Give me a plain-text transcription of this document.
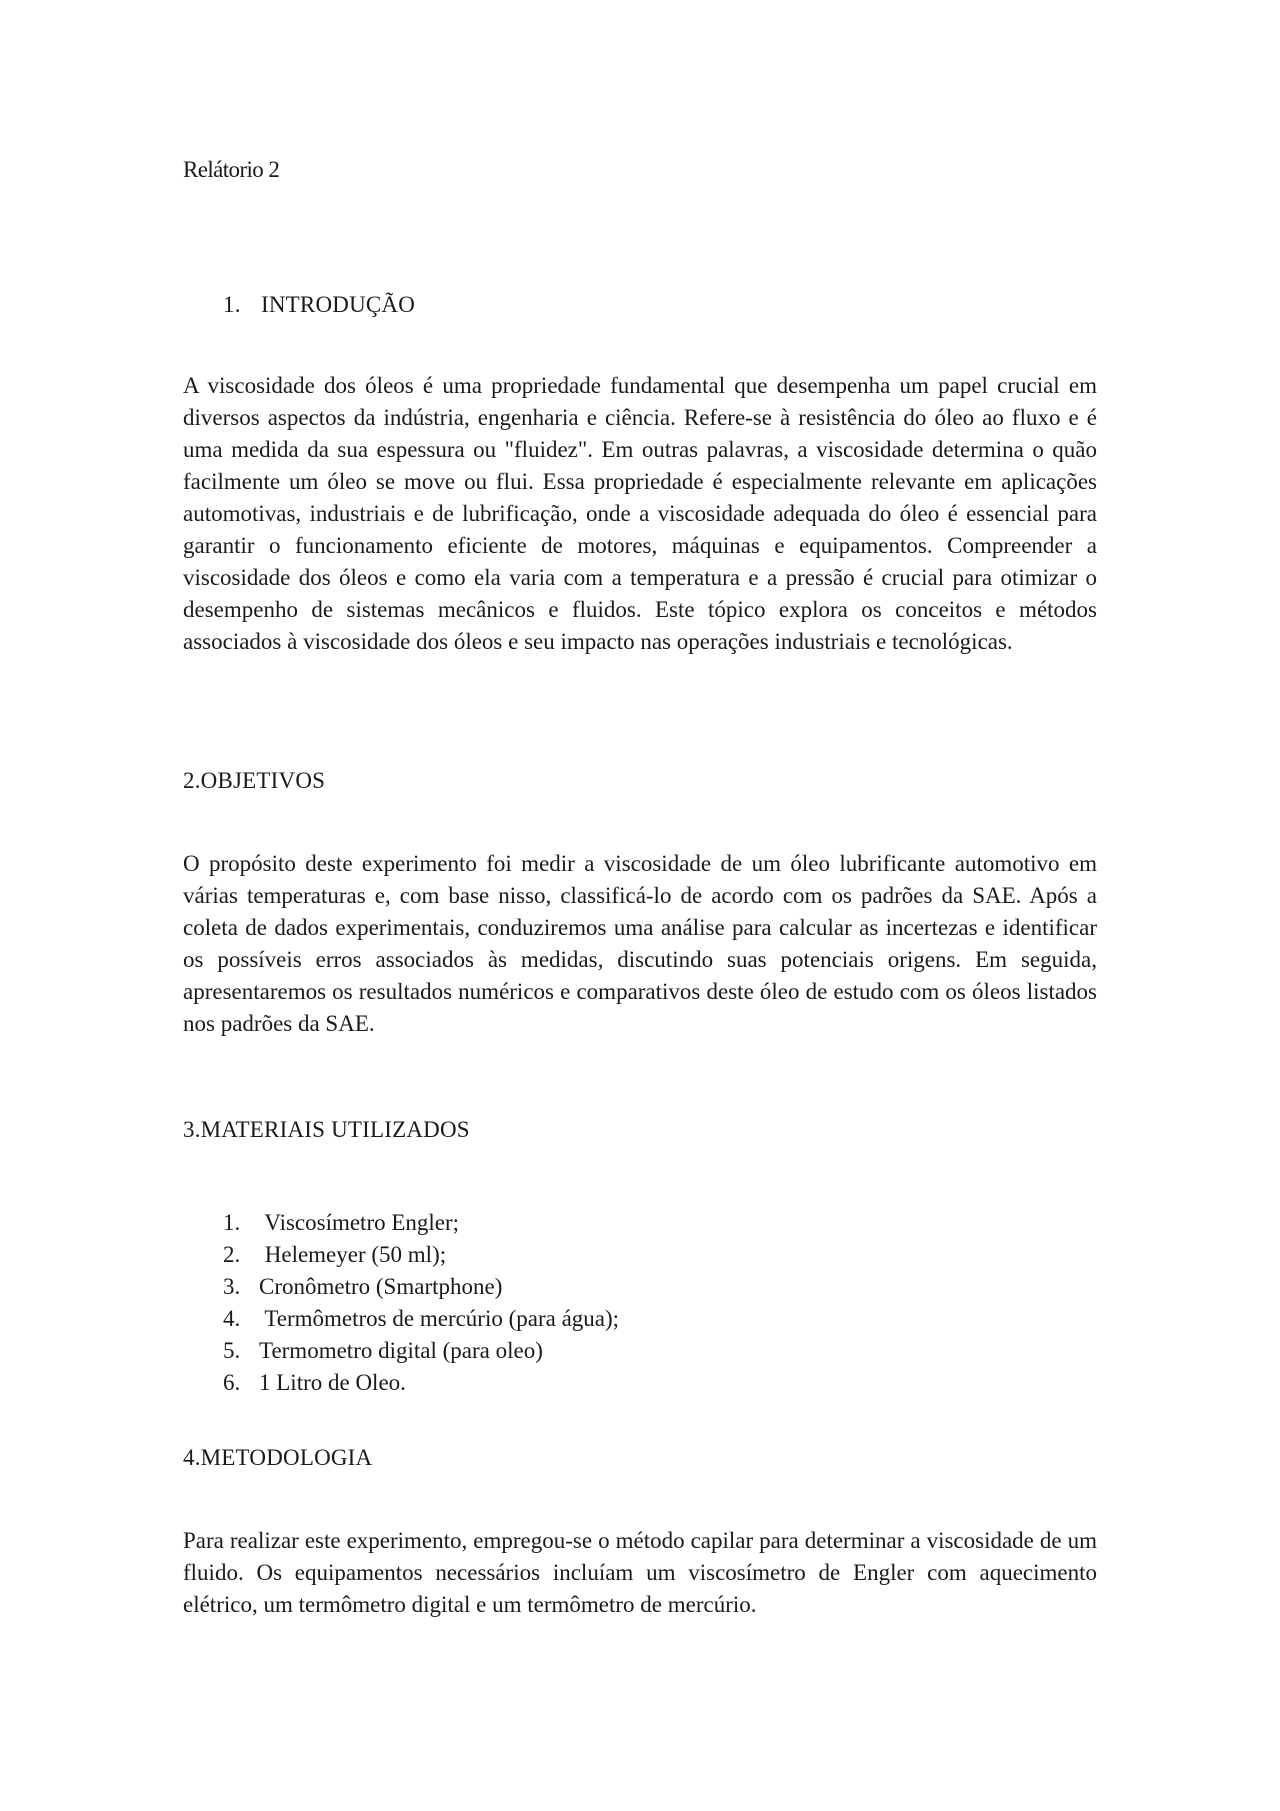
Relátorio 2
1. INTRODUÇÃO

A viscosidade dos óleos é uma propriedade fundamental que desempenha um papel crucial em diversos aspectos da indústria, engenharia e ciência. Refere-se à resistência do óleo ao fluxo e é uma medida da sua espessura ou "fluidez". Em outras palavras, a viscosidade determina o quão facilmente um óleo se move ou flui. Essa propriedade é especialmente relevante em aplicações automotivas, industriais e de lubrificação, onde a viscosidade adequada do óleo é essencial para garantir o funcionamento eficiente de motores, máquinas e equipamentos. Compreender a viscosidade dos óleos e como ela varia com a temperatura e a pressão é crucial para otimizar o desempenho de sistemas mecânicos e fluidos. Este tópico explora os conceitos e métodos associados à viscosidade dos óleos e seu impacto nas operações industriais e tecnológicas.

2.OBJETIVOS

O propósito deste experimento foi medir a viscosidade de um óleo lubrificante automotivo em várias temperaturas e, com base nisso, classificá-lo de acordo com os padrões da SAE. Após a coleta de dados experimentais, conduziremos uma análise para calcular as incertezas e identificar os possíveis erros associados às medidas, discutindo suas potenciais origens. Em seguida, apresentaremos os resultados numéricos e comparativos deste óleo de estudo com os óleos listados nos padrões da SAE.

3.MATERIAIS UTILIZADOS
1. Viscosímetro Engler;
2. Helemeyer (50 ml);
3. Cronômetro (Smartphone)
4. Termômetros de mercúrio (para água);
5. Termometro digital (para oleo)
6. 1 Litro de Oleo.
4.METODOLOGIA

Para realizar este experimento, empregou-se o método capilar para determinar a viscosidade de um fluido. Os equipamentos necessários incluíam um viscosímetro de Engler com aquecimento elétrico, um termômetro digital e um termômetro de mercúrio.
